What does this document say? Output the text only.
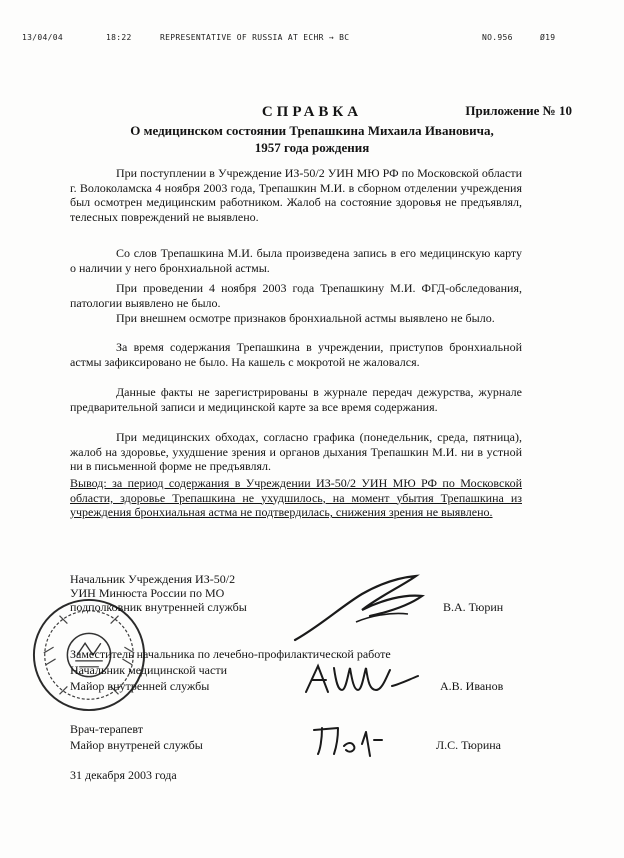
13/04/04	18:22	REPRESENTATIVE OF RUSSIA AT ECHR → BC	NO.956	Ø19
СПРАВКА	Приложение № 10
О медицинском состоянии Трепашкина Михаила Ивановича,
1957 года рождения
При поступлении в Учреждение ИЗ-50/2 УИН МЮ РФ по Московской области г. Волоколамска 4 ноября 2003 года, Трепашкин М.И. в сборном отделении учреждения был осмотрен медицинским работником. Жалоб на состояние здоровья не предъявлял, телесных повреждений не выявлено.
Со слов Трепашкина М.И. была произведена запись в его медицинскую карту о наличии у него бронхиальной астмы.
При проведении 4 ноября 2003 года Трепашкину М.И. ФГД-обследования, патологии выявлено не было.
При внешнем осмотре признаков бронхиальной астмы выявлено не было.
За время содержания Трепашкина в учреждении, приступов бронхиальной астмы зафиксировано не было. На кашель с мокротой не жаловался.
Данные факты не зарегистрированы в журнале передач дежурства, журнале предварительной записи и медицинской карте за все время содержания.
При медицинских обходах, согласно графика (понедельник, среда, пятница), жалоб на здоровье, ухудшение зрения и органов дыхания Трепашкин М.И. ни в устной ни в письменной форме не предъявлял.
Вывод: за период содержания в Учреждении ИЗ-50/2 УИН МЮ РФ по Московской области, здоровье Трепашкина не ухудшилось, на момент убытия Трепашкина из учреждения бронхиальная астма не подтвердилась, снижения зрения не выявлено.
Начальник Учреждения ИЗ-50/2
УИН Минюста России по МО
подполковник внутренней службы	В.А. Тюрин
Заместитель начальника по лечебно-профилактической работе
Начальник медицинской части
Майор внутренней службы	А.В. Иванов
Врач-терапевт
Майор внутреней службы	Л.С. Тюрина
31 декабря 2003 года
